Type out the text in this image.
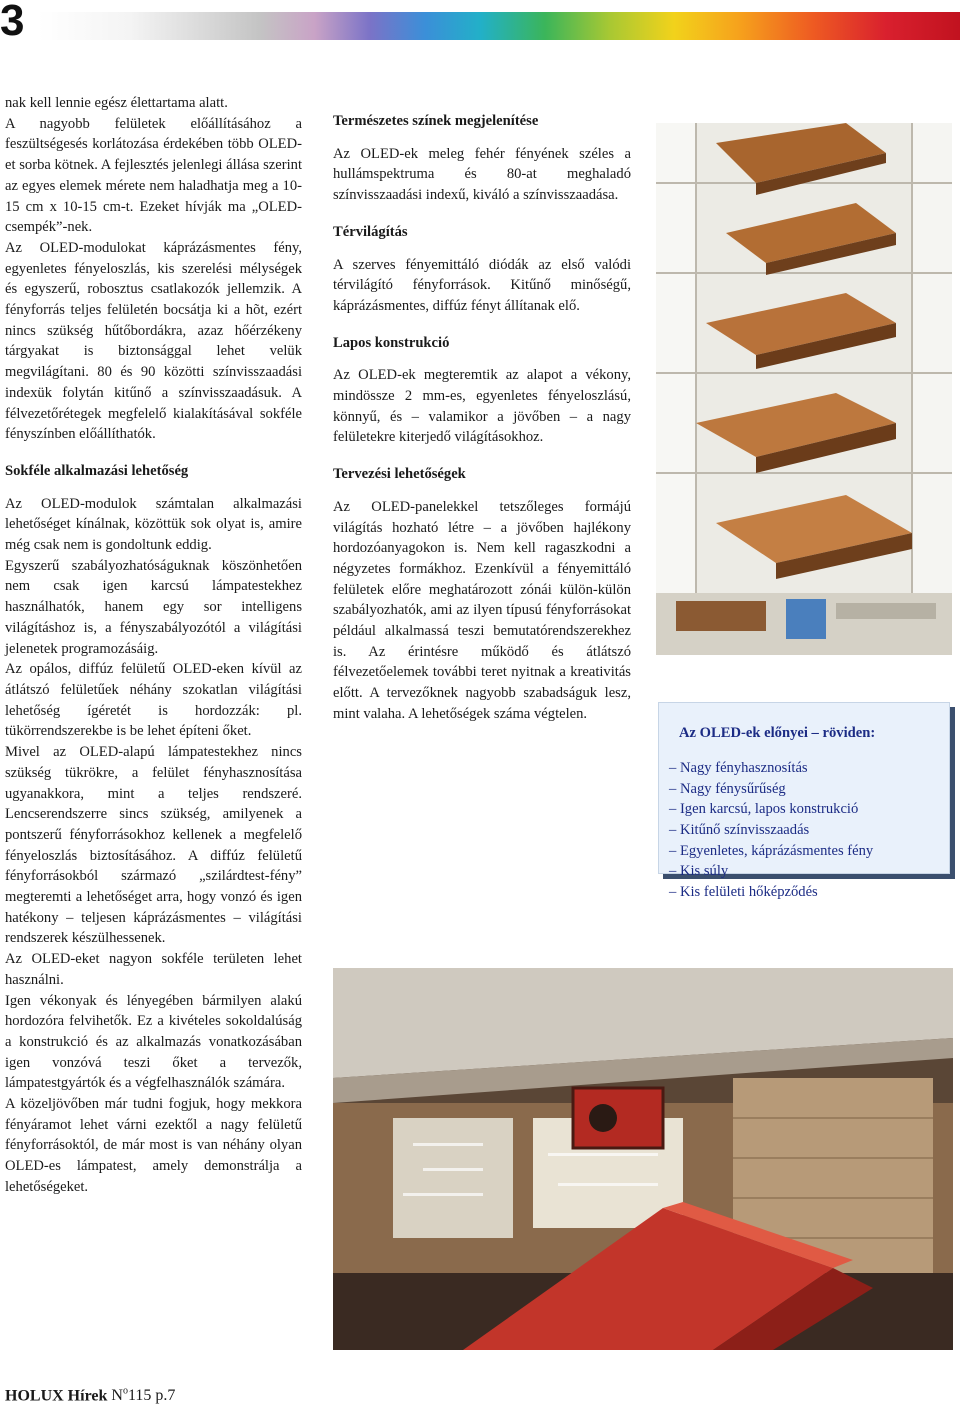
3

nak kell lennie egész élettartama alatt.

A nagyobb felületek előállításához a feszültségesés korlátozása érdekében több OLED-et sorba kötnek. A fejlesztés jelenlegi állása szerint az egyes elemek mérete nem haladhatja meg a 10-15 cm x 10-15 cm-t. Ezeket hívják ma „OLED-csempék”-nek.

Az OLED-modulokat káprázásmentes fény, egyenletes fényeloszlás, kis szerelési mélységek és egyszerű, robosztus csatlakozók jellemzik. A fényforrás teljes felületén bocsátja ki a hõt, ezért nincs szükség hűtőbordákra, azaz hőérzékeny tárgyakat is biztonsággal lehet velük megvilágítani. 80 és 90 közötti színvisszaadási indexük folytán kitűnő a színvisszaadásuk. A félvezetőrétegek megfelelő kialakításával sokféle fényszínben előállíthatók.

Sokféle alkalmazási lehetőség

Az OLED-modulok számtalan alkalmazási lehetőséget kínálnak, közöttük sok olyat is, amire még csak nem is gondoltunk eddig.

Egyszerű szabályozhatóságuknak köszönhetően nem csak igen karcsú lámpatestekhez használhatók, hanem egy sor intelligens világításhoz is, a fényszabályozótól a világítási jelenetek programozásáig.

Az opálos, diffúz felületű OLED-eken kívül az átlátszó felületűek néhány szokatlan világítási lehetőség ígéretét is hordozzák: pl. tükörrendszerekbe is be lehet építeni őket.

Mivel az OLED-alapú lámpatestekhez nincs szükség tükrökre, a felület fényhasznosítása ugyanakkora, mint a teljes rendszeré. Lencserendszerre sincs szükség, amilyenek a pontszerű fényforrásokhoz kellenek a megfelelő fényeloszlás biztosításához. A diffúz felületű fényforrásokból származó „szilárdtest-fény” megteremti a lehetőséget arra, hogy vonzó és igen hatékony – teljesen káprázásmentes – világítási rendszerek készülhessenek.

Az OLED-eket nagyon sokféle területen lehet használni.

Igen vékonyak és lényegében bármilyen alakú hordozóra felvihetők. Ez a kivételes sokoldalúság a konstrukció és az alkalmazás vonatkozásában igen vonzóvá teszi őket a tervezők, lámpatestgyártók és a végfelhasználók számára.

A közeljövőben már tudni fogjuk, hogy mekkora fényáramot lehet várni ezektől a nagy felületű fényforrásoktól, de már most is van néhány olyan OLED-es lámpatest, amely demonstrálja a lehetőségeket.

Természetes színek megjelenítése

Az OLED-ek meleg fehér fényének széles a hullámspektruma és 80-at meghaladó színvisszaadási indexű, kiváló a színvisszaadása.

Térvilágítás

A szerves fényemittáló diódák az első valódi térvilágító fényforrások. Kitűnő minőségű, káprázásmentes, diffúz fényt állítanak elő.

Lapos konstrukció

Az OLED-ek megteremtik az alapot a vékony, mindössze 2 mm-es, egyenletes fényeloszlású, könnyű, és – valamikor a jövőben – a nagy felületekre kiterjedő világításokhoz.

Tervezési lehetőségek

Az OLED-panelekkel tetszőleges formájú világítás hozható létre – a jövőben hajlékony hordozóanyagokon is. Nem kell ragaszkodni a négyzetes formákhoz. Ezenkívül a fényemittáló felületek előre meghatározott zónái külön-külön szabályozhatók, ami az ilyen típusú fényforrásokat például alkalmassá teszi bemutatórendszerekhez is. Az érintésre működő és átlátszó félvezetőelemek további teret nyitnak a kreativitás előtt. A tervezőknek nagyobb szabadságuk lesz, mint valaha. A lehetőségek száma végtelen.

Az OLED-ek előnyei – röviden:

– Nagy fényhasznosítás

– Nagy fénysűrűség

– Igen karcsú, lapos konstrukció

– Kitűnő színvisszaadás

– Egyenletes, káprázásmentes fény

– Kis súly

– Kis felületi hőképződés

HOLUX Hírek $N^o115$ p.7
